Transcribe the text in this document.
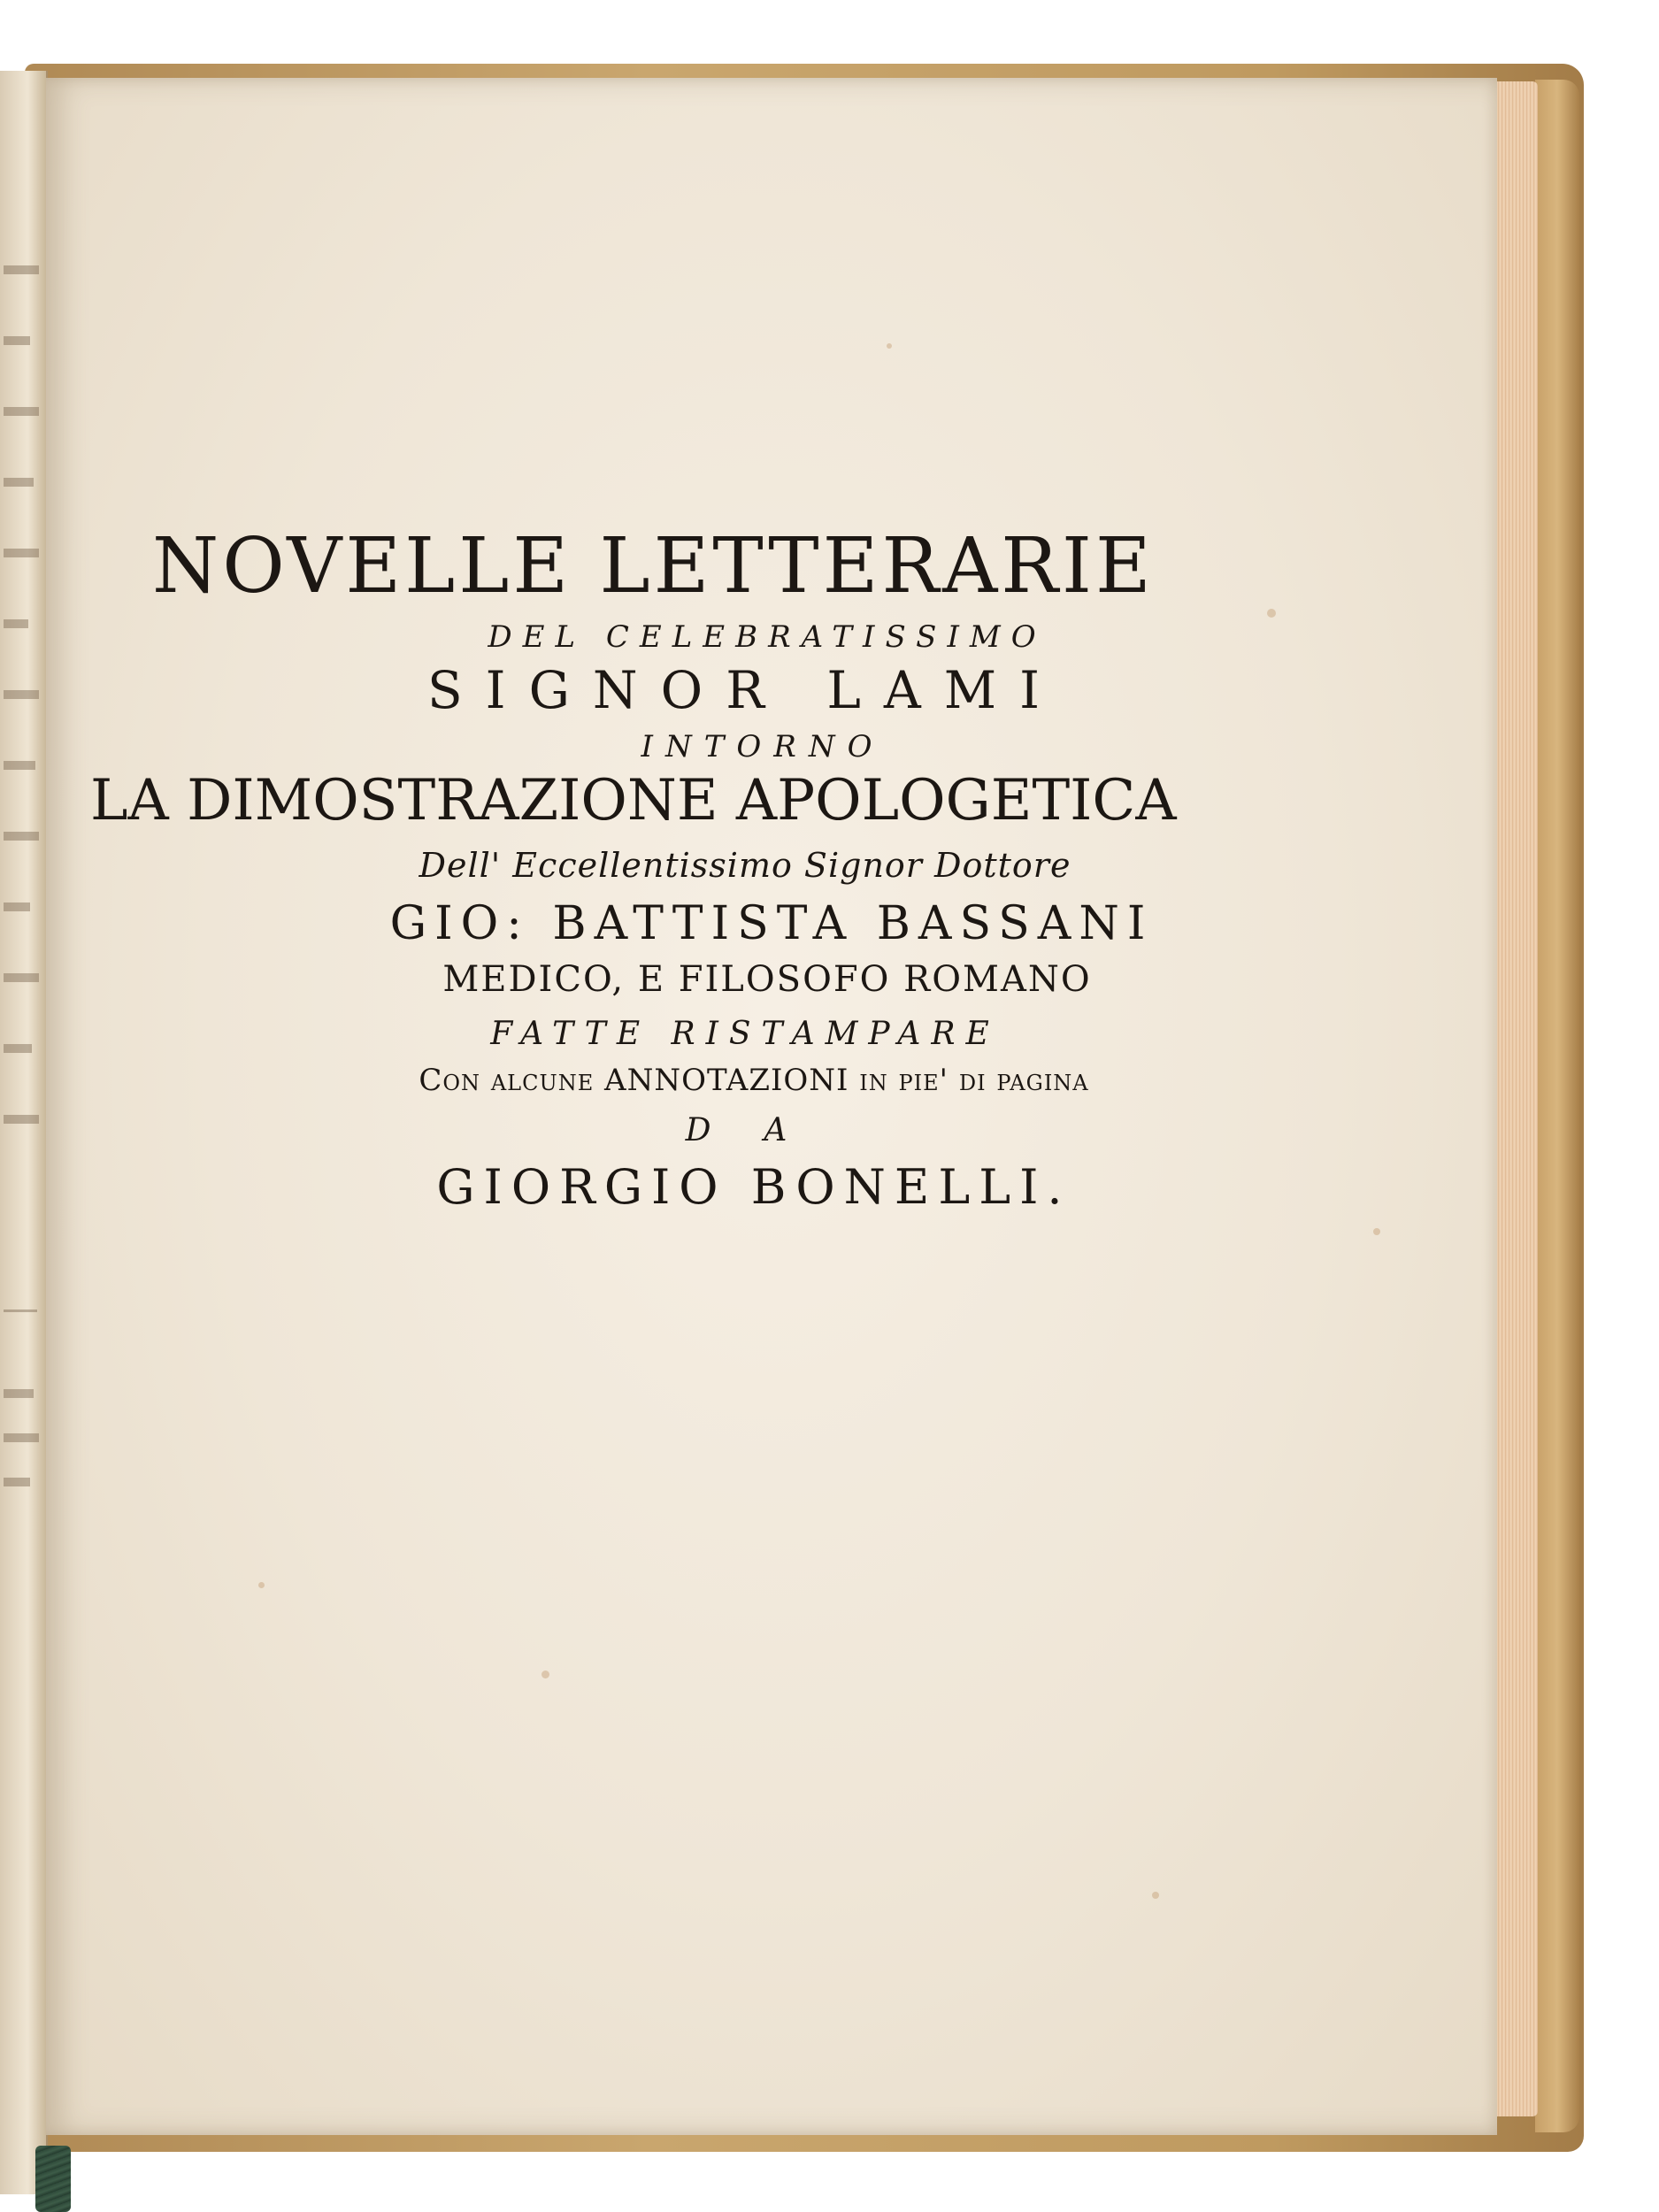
NOVELLE LETTERARIE
DEL CELEBRATISSIMO
SIGNOR LAMI
INTORNO
LA DIMOSTRAZIONE APOLOGETICA
Dell' Eccellentissimo Signor Dottore
GIO: BATTISTA BASSANI
MEDICO, E FILOSOFO ROMANO
FATTE RISTAMPARE
Con alcune ANNOTAZIONI in pie' di pagina
DA
GIORGIO BONELLI.
